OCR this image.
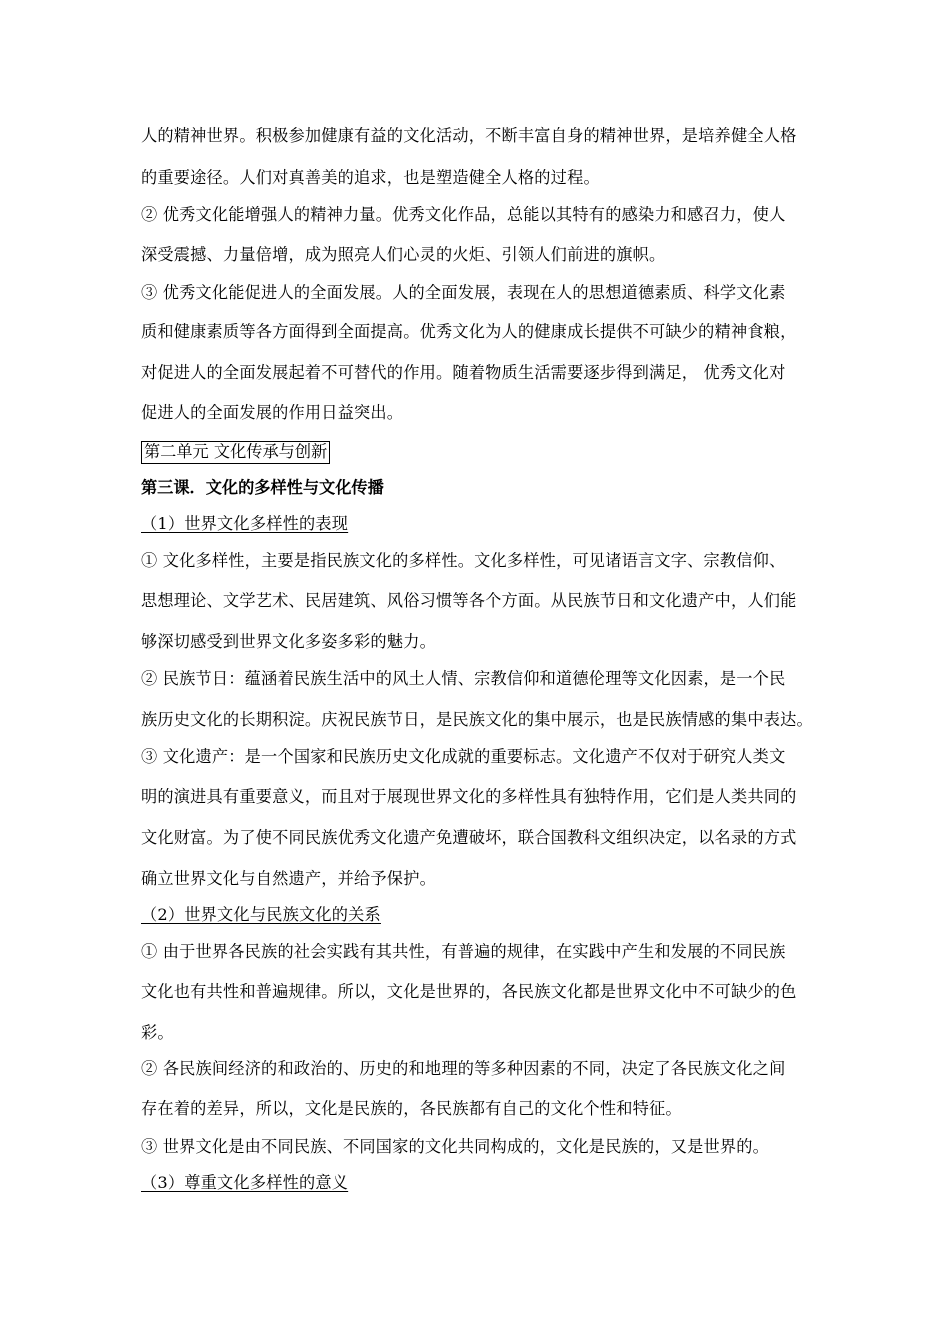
人的精神世界。积极参加健康有益的文化活动，不断丰富自身的精神世界，是培养健全人格
的重要途径。人们对真善美的追求，也是塑造健全人格的过程。
② 优秀文化能增强人的精神力量。优秀文化作品，总能以其特有的感染力和感召力，使人
深受震撼、力量倍增，成为照亮人们心灵的火炬、引领人们前进的旗帜。
③ 优秀文化能促进人的全面发展。人的全面发展，表现在人的思想道德素质、科学文化素
质和健康素质等各方面得到全面提高。优秀文化为人的健康成长提供不可缺少的精神食粮，
对促进人的全面发展起着不可替代的作用。随着物质生活需要逐步得到满足， 优秀文化对
促进人的全面发展的作用日益突出。
第二单元 文化传承与创新
第三课．文化的多样性与文化传播
（1）世界文化多样性的表现
① 文化多样性，主要是指民族文化的多样性。文化多样性，可见诸语言文字、宗教信仰、
思想理论、文学艺术、民居建筑、风俗习惯等各个方面。从民族节日和文化遗产中，人们能
够深切感受到世界文化多姿多彩的魅力。
② 民族节日：蕴涵着民族生活中的风土人情、宗教信仰和道德伦理等文化因素，是一个民
族历史文化的长期积淀。庆祝民族节日，是民族文化的集中展示，也是民族情感的集中表达。
③ 文化遗产：是一个国家和民族历史文化成就的重要标志。文化遗产不仅对于研究人类文
明的演进具有重要意义，而且对于展现世界文化的多样性具有独特作用，它们是人类共同的
文化财富。为了使不同民族优秀文化遗产免遭破坏，联合国教科文组织决定，以名录的方式
确立世界文化与自然遗产，并给予保护。
（2）世界文化与民族文化的关系
① 由于世界各民族的社会实践有其共性，有普遍的规律，在实践中产生和发展的不同民族
文化也有共性和普遍规律。所以，文化是世界的，各民族文化都是世界文化中不可缺少的色
彩。
② 各民族间经济的和政治的、历史的和地理的等多种因素的不同，决定了各民族文化之间
存在着的差异，所以，文化是民族的，各民族都有自己的文化个性和特征。
③ 世界文化是由不同民族、不同国家的文化共同构成的，文化是民族的，又是世界的。
（3）尊重文化多样性的意义
